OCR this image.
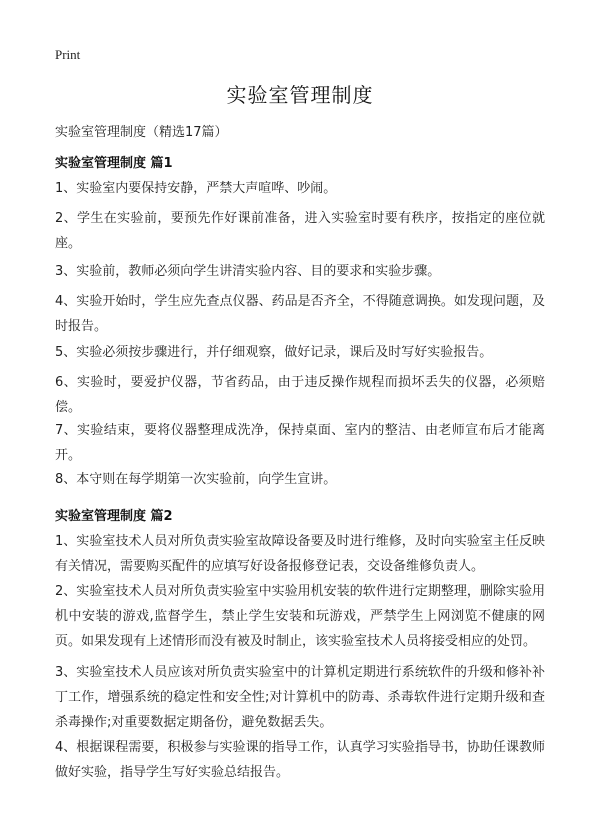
Print
实验室管理制度
实验室管理制度（精选17篇）
实验室管理制度 篇1

1、实验室内要保持安静，严禁大声喧哗、吵闹。

2、学生在实验前，要预先作好课前准备，进入实验室时要有秩序，按指定的座位就座。

3、实验前，教师必须向学生讲清实验内容、目的要求和实验步骤。

4、实验开始时，学生应先查点仪器、药品是否齐全，不得随意调换。如发现问题，及时报告。

5、实验必须按步骤进行，并仔细观察，做好记录，课后及时写好实验报告。

6、实验时，要爱护仪器，节省药品，由于违反操作规程而损坏丢失的仪器，必须赔偿。

7、实验结束，要将仪器整理成洗净，保持桌面、室内的整洁、由老师宣布后才能离开。

8、本守则在每学期第一次实验前，向学生宣讲。

实验室管理制度 篇2

1、实验室技术人员对所负责实验室故障设备要及时进行维修，及时向实验室主任反映有关情况，需要购买配件的应填写好设备报修登记表，交设备维修负责人。

2、实验室技术人员对所负责实验室中实验用机安装的软件进行定期整理，删除实验用机中安装的游戏,监督学生，禁止学生安装和玩游戏，严禁学生上网浏览不健康的网页。如果发现有上述情形而没有被及时制止，该实验室技术人员将接受相应的处罚。

3、实验室技术人员应该对所负责实验室中的计算机定期进行系统软件的升级和修补补丁工作，增强系统的稳定性和安全性;对计算机中的防毒、杀毒软件进行定期升级和查杀毒操作;对重要数据定期备份，避免数据丢失。

4、根据课程需要，积极参与实验课的指导工作，认真学习实验指导书，协助任课教师做好实验，指导学生写好实验总结报告。
